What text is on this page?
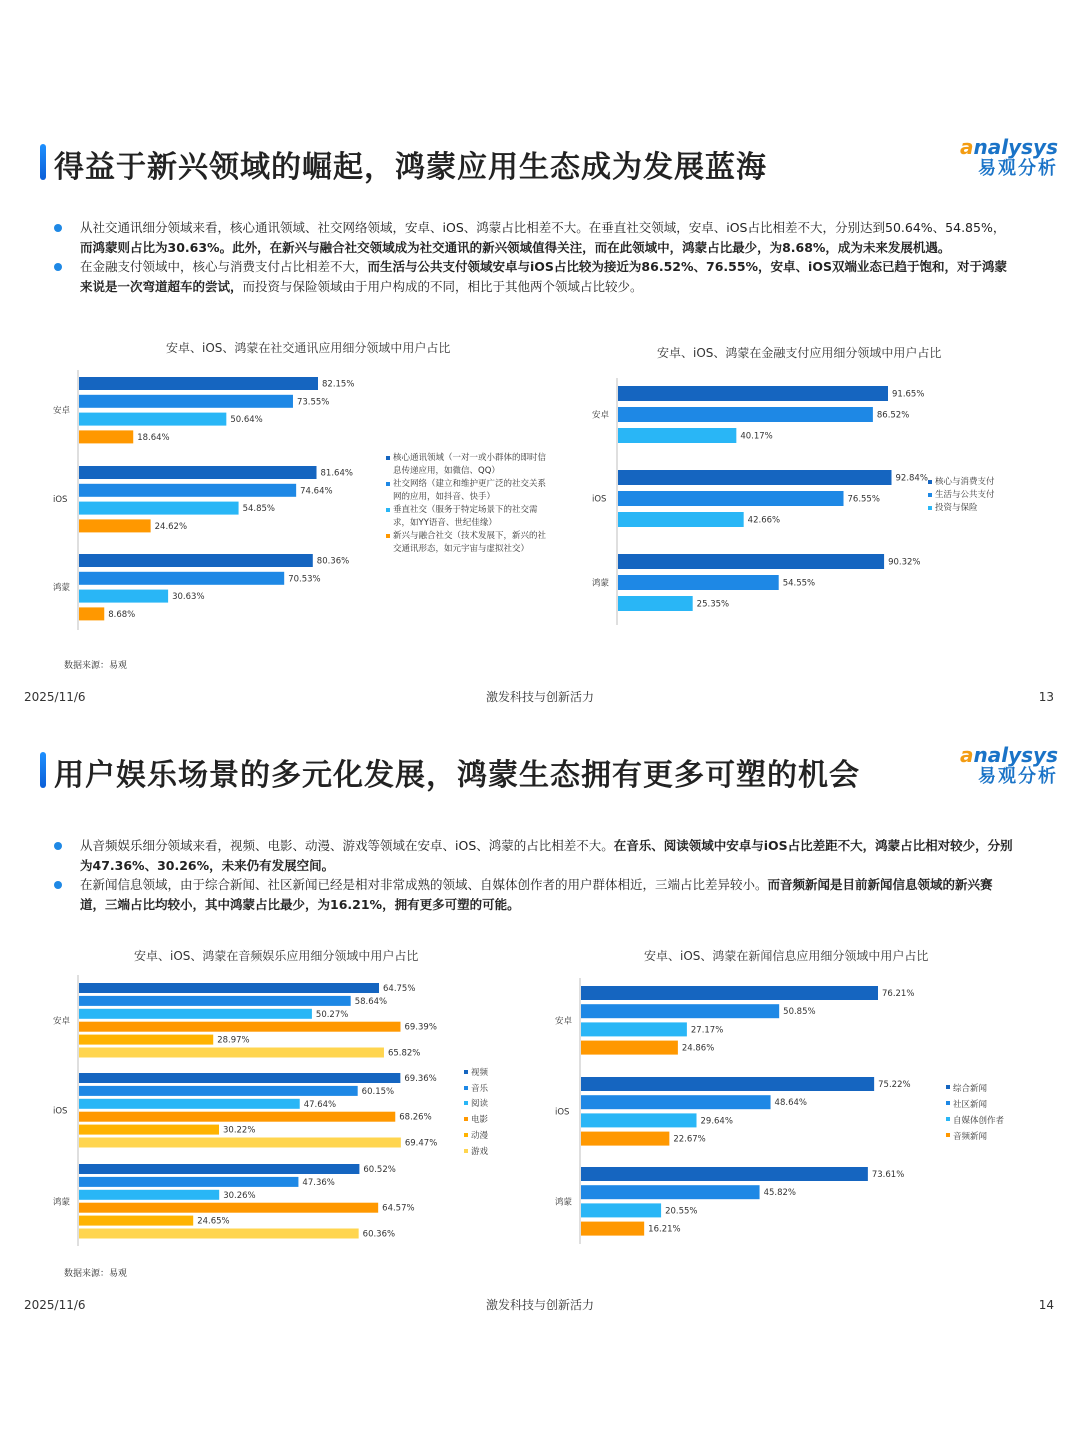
得益于新兴领域的崛起，鸿蒙应用生态成为发展蓝海
analysys
易观分析
从社交通讯细分领域来看，核心通讯领域、社交网络领域，安卓、iOS、鸿蒙占比相差不大。在垂直社交领域，安卓、iOS占比相差不大，分别达到50.64%、54.85%，而鸿蒙则占比为30.63%。此外，在新兴与融合社交领域成为社交通讯的新兴领域值得关注，而在此领域中，鸿蒙占比最少，为8.68%，成为未来发展机遇。
在金融支付领域中，核心与消费支付占比相差不大，而生活与公共支付领域安卓与iOS占比较为接近为86.52%、76.55%，安卓、iOS双端业态已趋于饱和，对于鸿蒙来说是一次弯道超车的尝试，而投资与保险领域由于用户构成的不同，相比于其他两个领域占比较少。
安卓、iOS、鸿蒙在社交通讯应用细分领域中用户占比
安卓
82.15%
73.55%
50.64%
18.64%
iOS
81.64%
74.64%
54.85%
24.62%
鸿蒙
80.36%
70.53%
30.63%
8.68%
核心通讯领域（一对一或小群体的即时信
息传递应用，如微信、QQ）
社交网络（建立和维护更广泛的社交关系
网的应用，如抖音、快手）
垂直社交（服务于特定场景下的社交需
求，如YY语音、世纪佳缘）
新兴与融合社交（技术发展下，新兴的社
交通讯形态，如元宇宙与虚拟社交）
安卓、iOS、鸿蒙在金融支付应用细分领域中用户占比
安卓
91.65%
86.52%
40.17%
iOS
92.84%
76.55%
42.66%
鸿蒙
90.32%
54.55%
25.35%
核心与消费支付
生活与公共支付
投资与保险
数据来源：易观
2025/11/6	激发科技与创新活力	13
用户娱乐场景的多元化发展，鸿蒙生态拥有更多可塑的机会
analysys
易观分析
从音频娱乐细分领域来看，视频、电影、动漫、游戏等领域在安卓、iOS、鸿蒙的占比相差不大。在音乐、阅读领域中安卓与iOS占比差距不大，鸿蒙占比相对较少，分别为47.36%、30.26%，未来仍有发展空间。
在新闻信息领域，由于综合新闻、社区新闻已经是相对非常成熟的领域、自媒体创作者的用户群体相近，三端占比差异较小。而音频新闻是目前新闻信息领域的新兴赛道，三端占比均较小，其中鸿蒙占比最少，为16.21%，拥有更多可塑的可能。
安卓、iOS、鸿蒙在音频娱乐应用细分领域中用户占比
安卓
64.75%
58.64%
50.27%
69.39%
28.97%
65.82%
iOS
69.36%
60.15%
47.64%
68.26%
30.22%
69.47%
鸿蒙
60.52%
47.36%
30.26%
64.57%
24.65%
60.36%
视频
音乐
阅读
电影
动漫
游戏
安卓、iOS、鸿蒙在新闻信息应用细分领域中用户占比
安卓
76.21%
50.85%
27.17%
24.86%
iOS
75.22%
48.64%
29.64%
22.67%
鸿蒙
73.61%
45.82%
20.55%
16.21%
综合新闻
社区新闻
自媒体创作者
音频新闻
数据来源：易观
2025/11/6	激发科技与创新活力	14
